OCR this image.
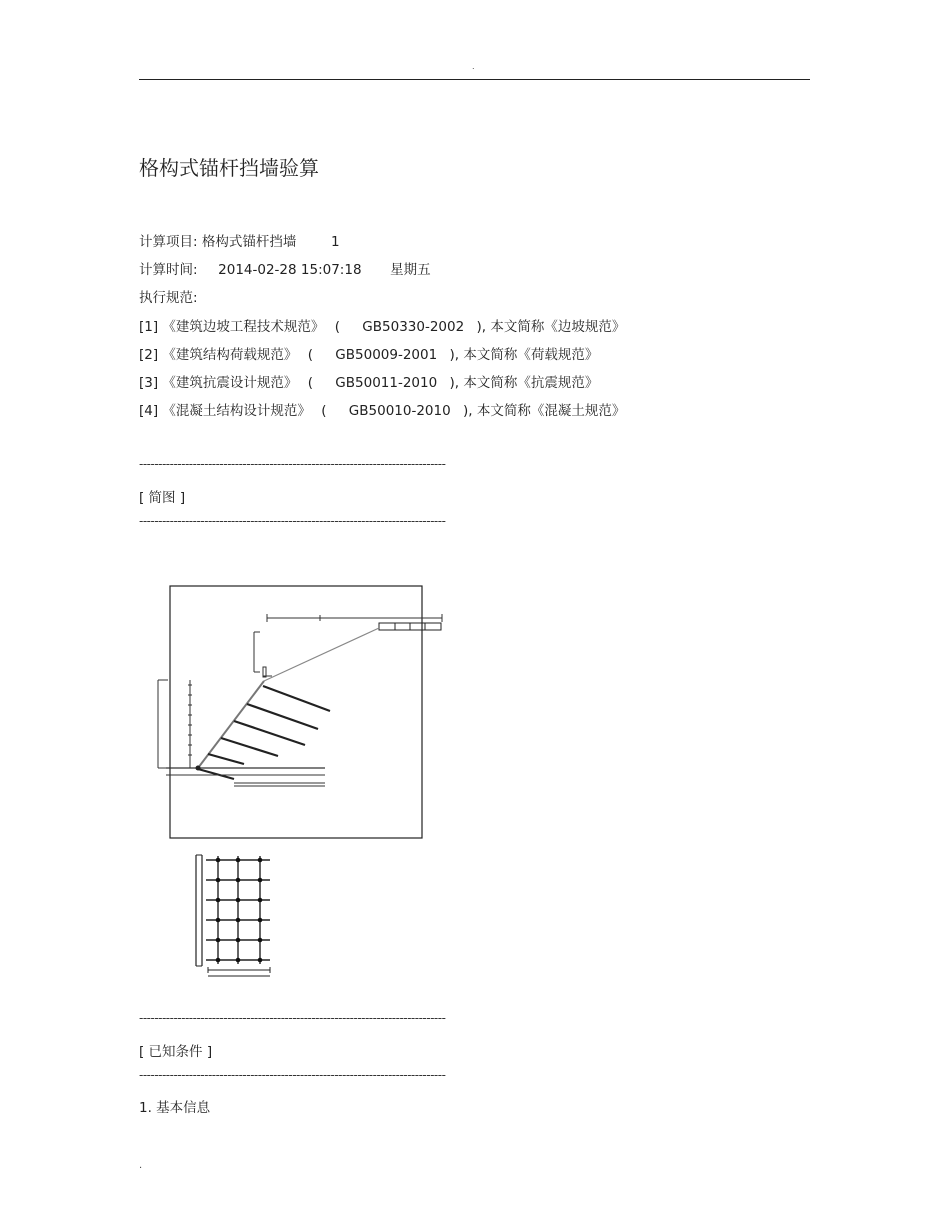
.
格构式锚杆挡墙验算
计算项目: 格构式锚杆挡墙	1
计算时间: 2014-02-28 15:07:18 星期五
执行规范:
[1] 《建筑边坡工程技术规范》 ( GB50330-2002 ), 本文简称《边坡规范》
[2] 《建筑结构荷载规范》 ( GB50009-2001 ), 本文简称《荷载规范》
[3] 《建筑抗震设计规范》 ( GB50011-2010 ), 本文简称《抗震规范》
[4] 《混凝土结构设计规范》 ( GB50010-2010 ), 本文简称《混凝土规范》
--------------------------------------------------------------------------------
[ 简图 ]
--------------------------------------------------------------------------------
--------------------------------------------------------------------------------
[ 已知条件 ]
--------------------------------------------------------------------------------
1. 基本信息
.
